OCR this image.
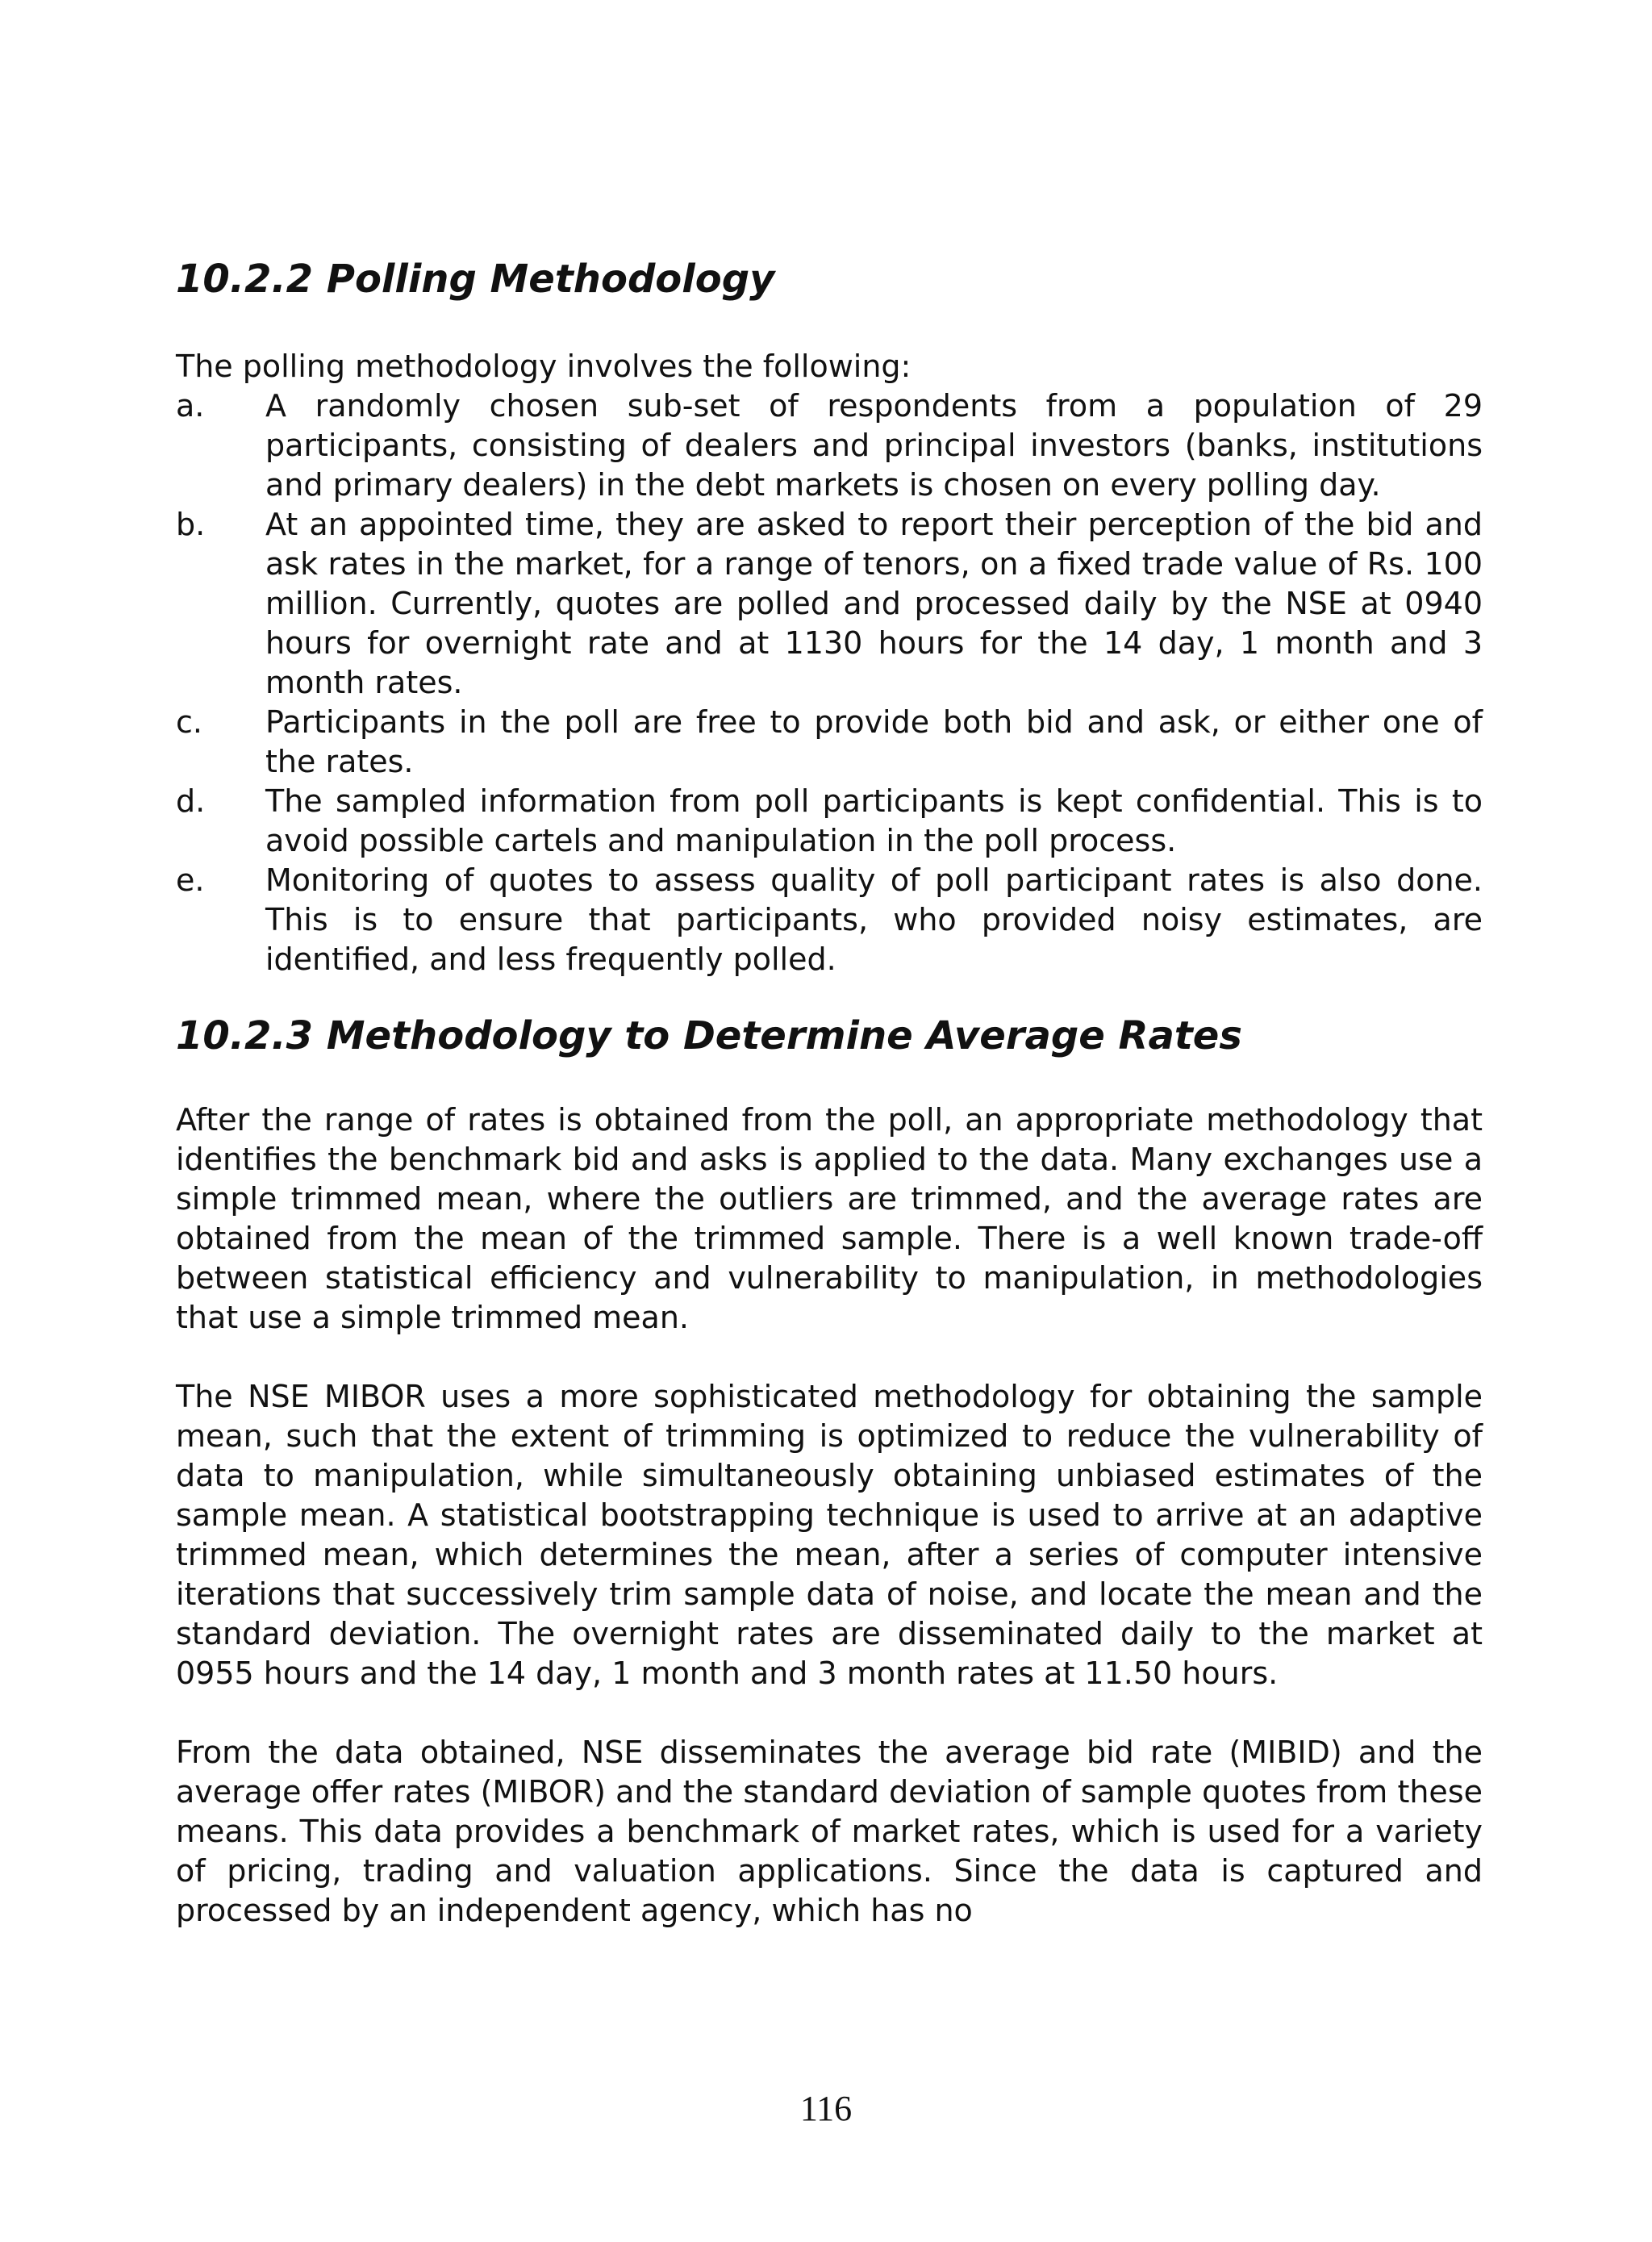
10.2.2 Polling Methodology

The polling methodology involves the following:

a.	A randomly chosen sub-set of respondents from a population of 29 participants, consisting of dealers and principal investors (banks, institutions and primary dealers) in the debt markets is chosen on every polling day.
b.	At an appointed time, they are asked to report their perception of the bid and ask rates in the market, for a range of tenors, on a fixed trade value of Rs. 100 million. Currently, quotes are polled and processed daily by the NSE at 0940 hours for overnight rate and at 1130 hours for the 14 day, 1 month and 3 month rates.
c.	Participants in the poll are free to provide both bid and ask, or either one of the rates.
d.	The sampled information from poll participants is kept confidential. This is to avoid possible cartels and manipulation in the poll process.
e.	Monitoring of quotes to assess quality of poll participant rates is also done. This is to ensure that participants, who provided noisy estimates, are identified, and less frequently polled.
10.2.3 Methodology to Determine Average Rates

After the range of rates is obtained from the poll, an appropriate methodology that identifies the benchmark bid and asks is applied to the data. Many exchanges use a simple trimmed mean, where the outliers are trimmed, and the average rates are obtained from the mean of the trimmed sample. There is a well known trade-off between statistical efficiency and vulnerability to manipulation, in methodologies that use a simple trimmed mean.

The NSE MIBOR uses a more sophisticated methodology for obtaining the sample mean, such that the extent of trimming is optimized to reduce the vulnerability of data to manipulation, while simultaneously obtaining unbiased estimates of the sample mean. A statistical bootstrapping technique is used to arrive at an adaptive trimmed mean, which determines the mean, after a series of computer intensive iterations that successively trim sample data of noise, and locate the mean and the standard deviation. The overnight rates are disseminated daily to the market at 0955 hours and the 14 day, 1 month and 3 month rates at 11.50 hours.

From the data obtained, NSE disseminates the average bid rate (MIBID) and the average offer rates (MIBOR) and the standard deviation of sample quotes from these means. This data provides a benchmark of market rates, which is used for a variety of pricing, trading and valuation applications. Since the data is captured and processed by an independent agency, which has no

116
